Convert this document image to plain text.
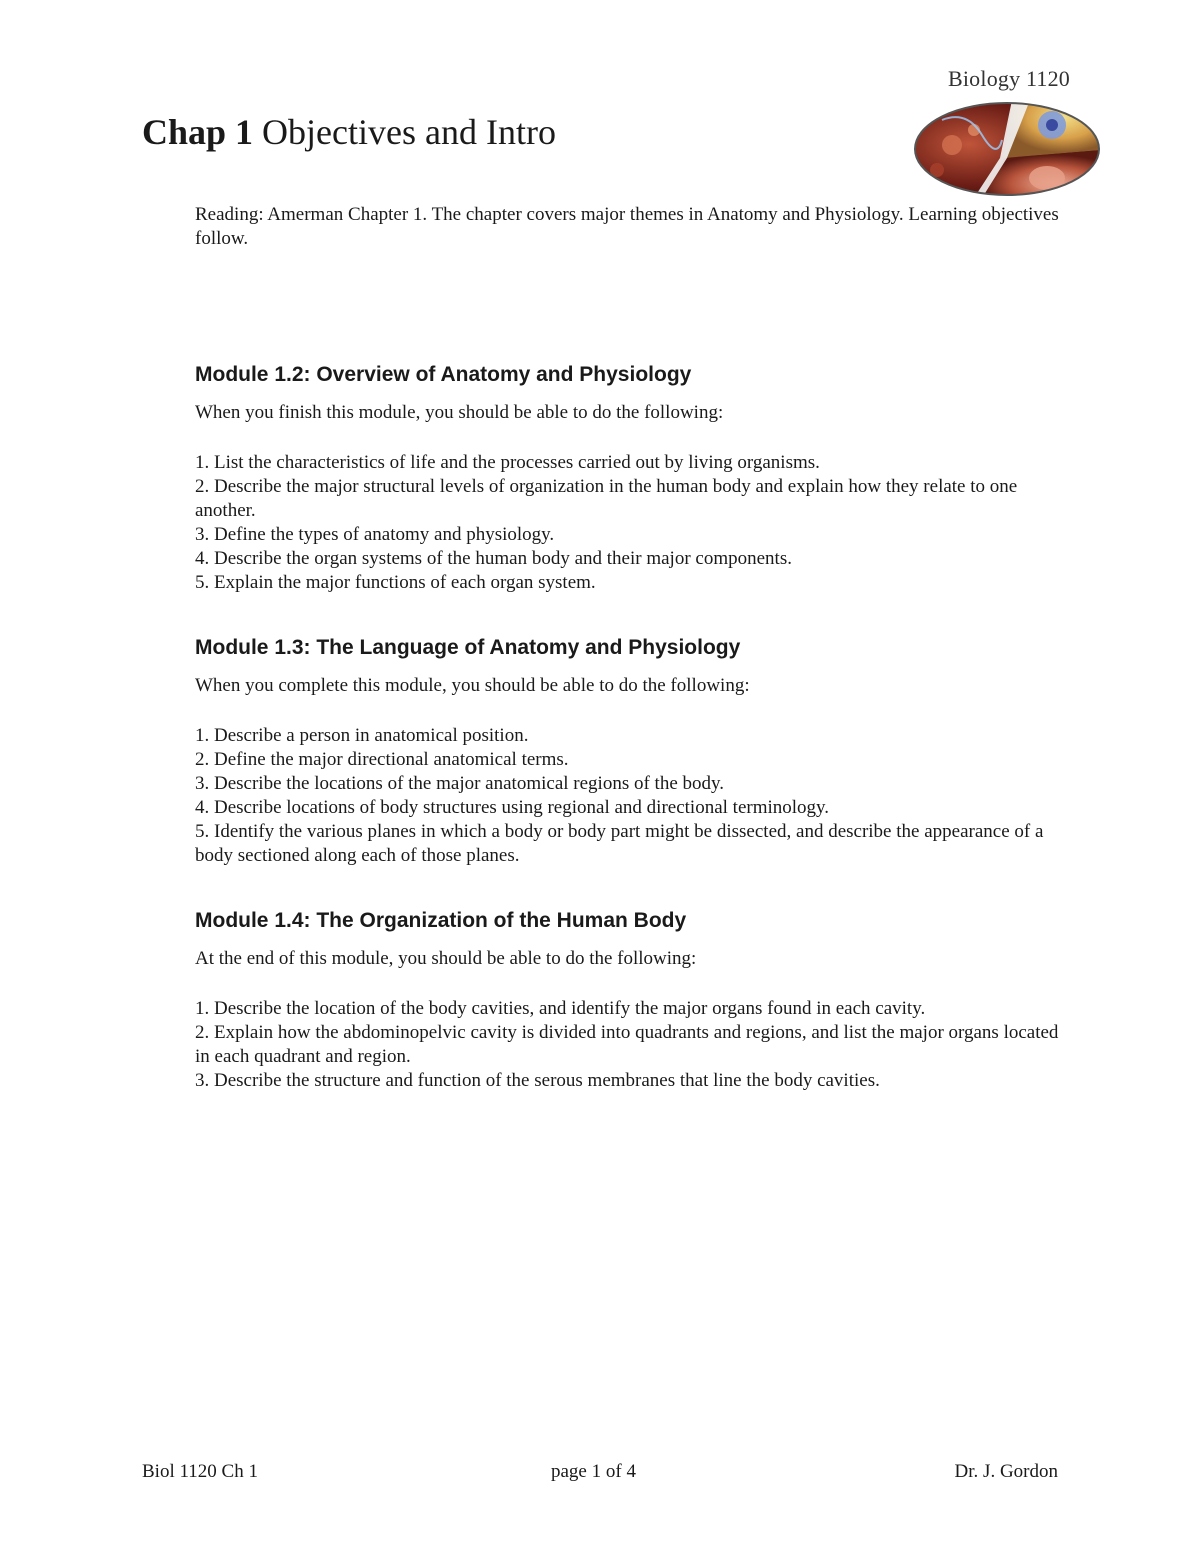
Biology 1120
Chap 1 Objectives and Intro
Reading: Amerman Chapter 1. The chapter covers major themes in Anatomy and Physiology. Learning objectives follow.
Module 1.2: Overview of Anatomy and Physiology
When you finish this module, you should be able to do the following:
1. List the characteristics of life and the processes carried out by living organisms.
2. Describe the major structural levels of organization in the human body and explain how they relate to one another.
3. Define the types of anatomy and physiology.
4. Describe the organ systems of the human body and their major components.
5. Explain the major functions of each organ system.
Module 1.3: The Language of Anatomy and Physiology
When you complete this module, you should be able to do the following:
1. Describe a person in anatomical position.
2. Define the major directional anatomical terms.
3. Describe the locations of the major anatomical regions of the body.
4. Describe locations of body structures using regional and directional terminology.
5. Identify the various planes in which a body or body part might be dissected, and describe the appearance of a body sectioned along each of those planes.
Module 1.4: The Organization of the Human Body
At the end of this module, you should be able to do the following:
1. Describe the location of the body cavities, and identify the major organs found in each cavity.
2. Explain how the abdominopelvic cavity is divided into quadrants and regions, and list the major organs located in each quadrant and region.
3. Describe the structure and function of the serous membranes that line the body cavities.
Biol 1120 Ch 1	page 1 of 4	Dr. J. Gordon
